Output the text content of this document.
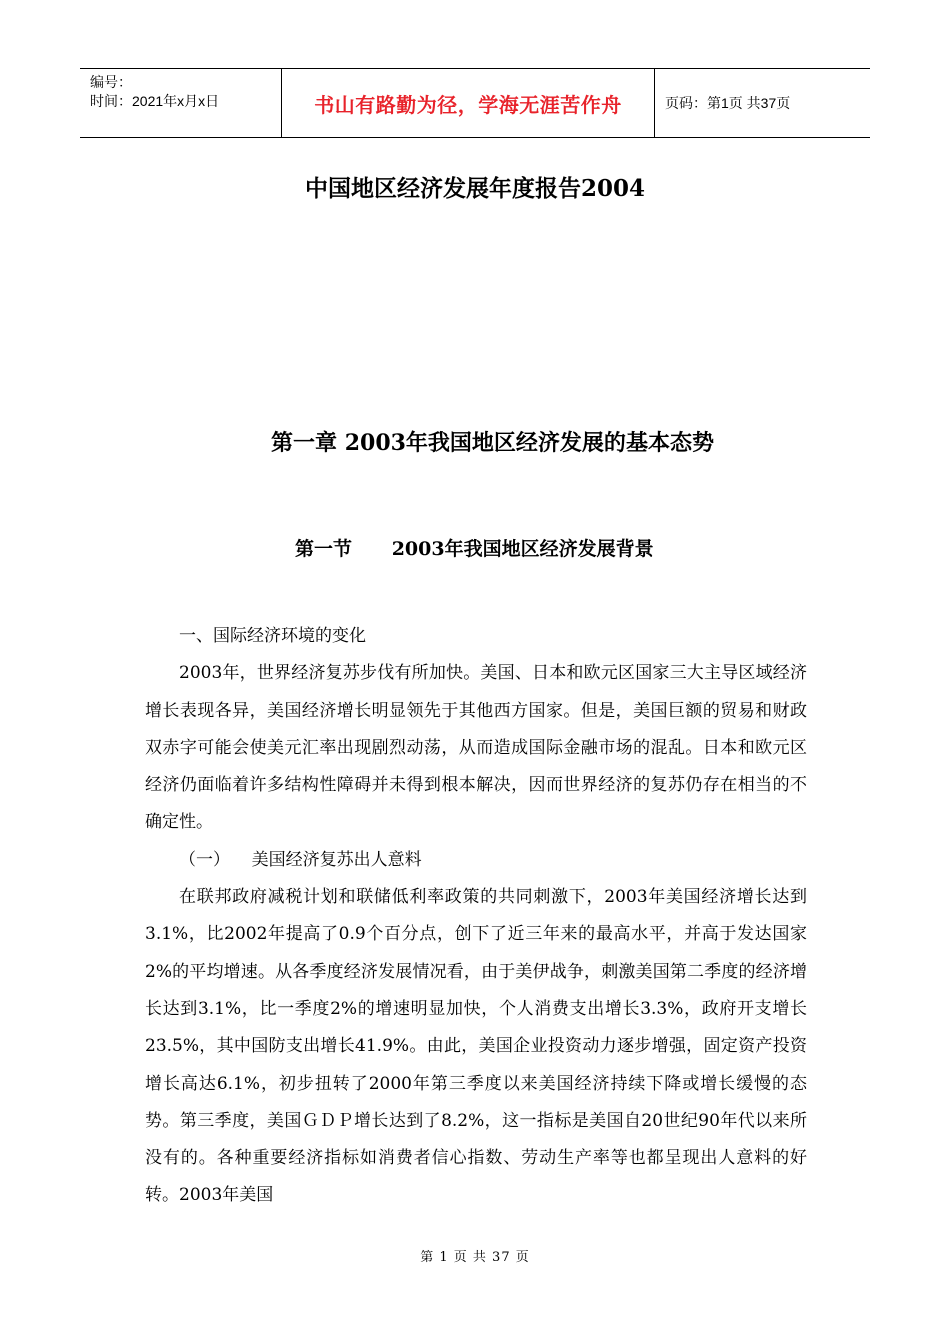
编号：
时间：2021年x月x日	书山有路勤为径，学海无涯苦作舟	页码：第1页 共37页
中国地区经济发展年度报告2004
第一章 2003年我国地区经济发展的基本态势
第一节      2003年我国地区经济发展背景

一、国际经济环境的变化

2003年，世界经济复苏步伐有所加快。美国、日本和欧元区国家三大主导区域经济增长表现各异，美国经济增长明显领先于其他西方国家。但是，美国巨额的贸易和财政双赤字可能会使美元汇率出现剧烈动荡，从而造成国际金融市场的混乱。日本和欧元区经济仍面临着许多结构性障碍并未得到根本解决，因而世界经济的复苏仍存在相当的不确定性。

（一）    美国经济复苏出人意料

在联邦政府减税计划和联储低利率政策的共同刺激下，2003年美国经济增长达到3.1%，比2002年提高了0.9个百分点，创下了近三年来的最高水平，并高于发达国家2%的平均增速。从各季度经济发展情况看，由于美伊战争，刺激美国第二季度的经济增长达到3.1%，比一季度2%的增速明显加快，个人消费支出增长3.3%，政府开支增长23.5%，其中国防支出增长41.9%。由此，美国企业投资动力逐步增强，固定资产投资增长高达6.1%，初步扭转了2000年第三季度以来美国经济持续下降或增长缓慢的态势。第三季度，美国ＧＤＰ增长达到了8.2%，这一指标是美国自20世纪90年代以来所没有的。各种重要经济指标如消费者信心指数、劳动生产率等也都呈现出人意料的好转。2003年美国

第 1 页 共 37 页
